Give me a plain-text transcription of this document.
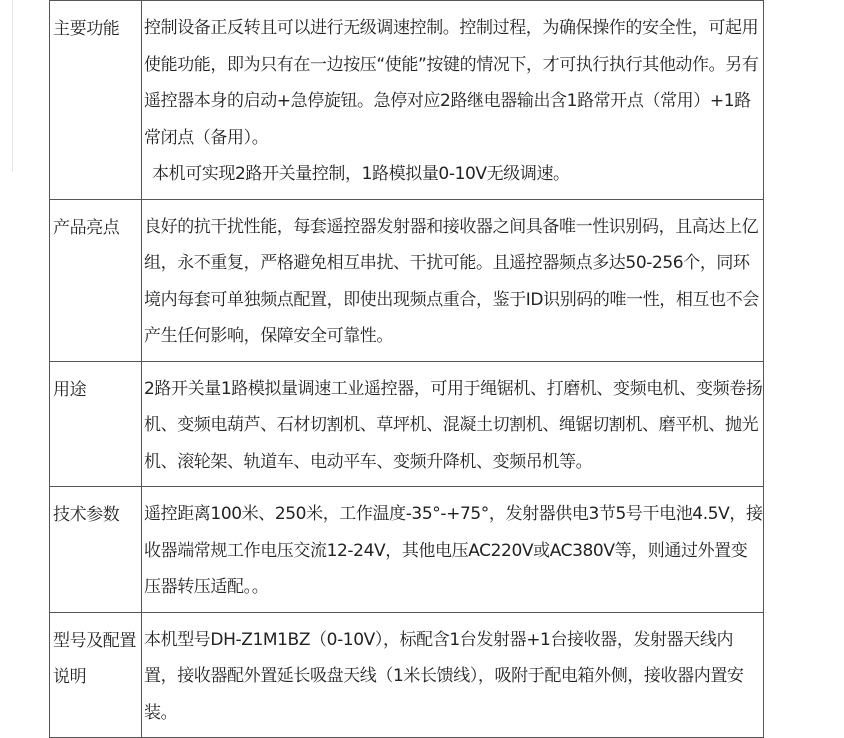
主要功能	控制设备正反转且可以进行无级调速控制。控制过程，为确保操作的安全性，可起用使能功能，即为只有在一边按压“使能”按键的情况下，才可执行执行其他动作。另有遥控器本身的启动+急停旋钮。急停对应2路继电器输出含1路常开点（常用）+1路常闭点（备用）。
本机可实现2路开关量控制，1路模拟量0-10V无级调速。

产品亮点	良好的抗干扰性能，每套遥控器发射器和接收器之间具备唯一性识别码，且高达上亿组，永不重复，严格避免相互串扰、干扰可能。且遥控器频点多达50-256个，同环境内每套可单独频点配置，即使出现频点重合，鉴于ID识别码的唯一性，相互也不会产生任何影响，保障安全可靠性。

用途	2路开关量1路模拟量调速工业遥控器，可用于绳锯机、打磨机、变频电机、变频卷扬机、变频电葫芦、石材切割机、草坪机、混凝土切割机、绳锯切割机、磨平机、抛光机、滚轮架、轨道车、电动平车、变频升降机、变频吊机等。

技术参数	遥控距离100米、250米，工作温度-35°-+75°，发射器供电3节5号干电池4.5V，接收器端常规工作电压交流12-24V，其他电压AC220V或AC380V等，则通过外置变压器转压适配。。

型号及配置说明	本机型号DH-Z1M1BZ（0-10V），标配含1台发射器+1台接收器，发射器天线内置，接收器配外置延长吸盘天线（1米长馈线），吸附于配电箱外侧，接收器内置安装。
